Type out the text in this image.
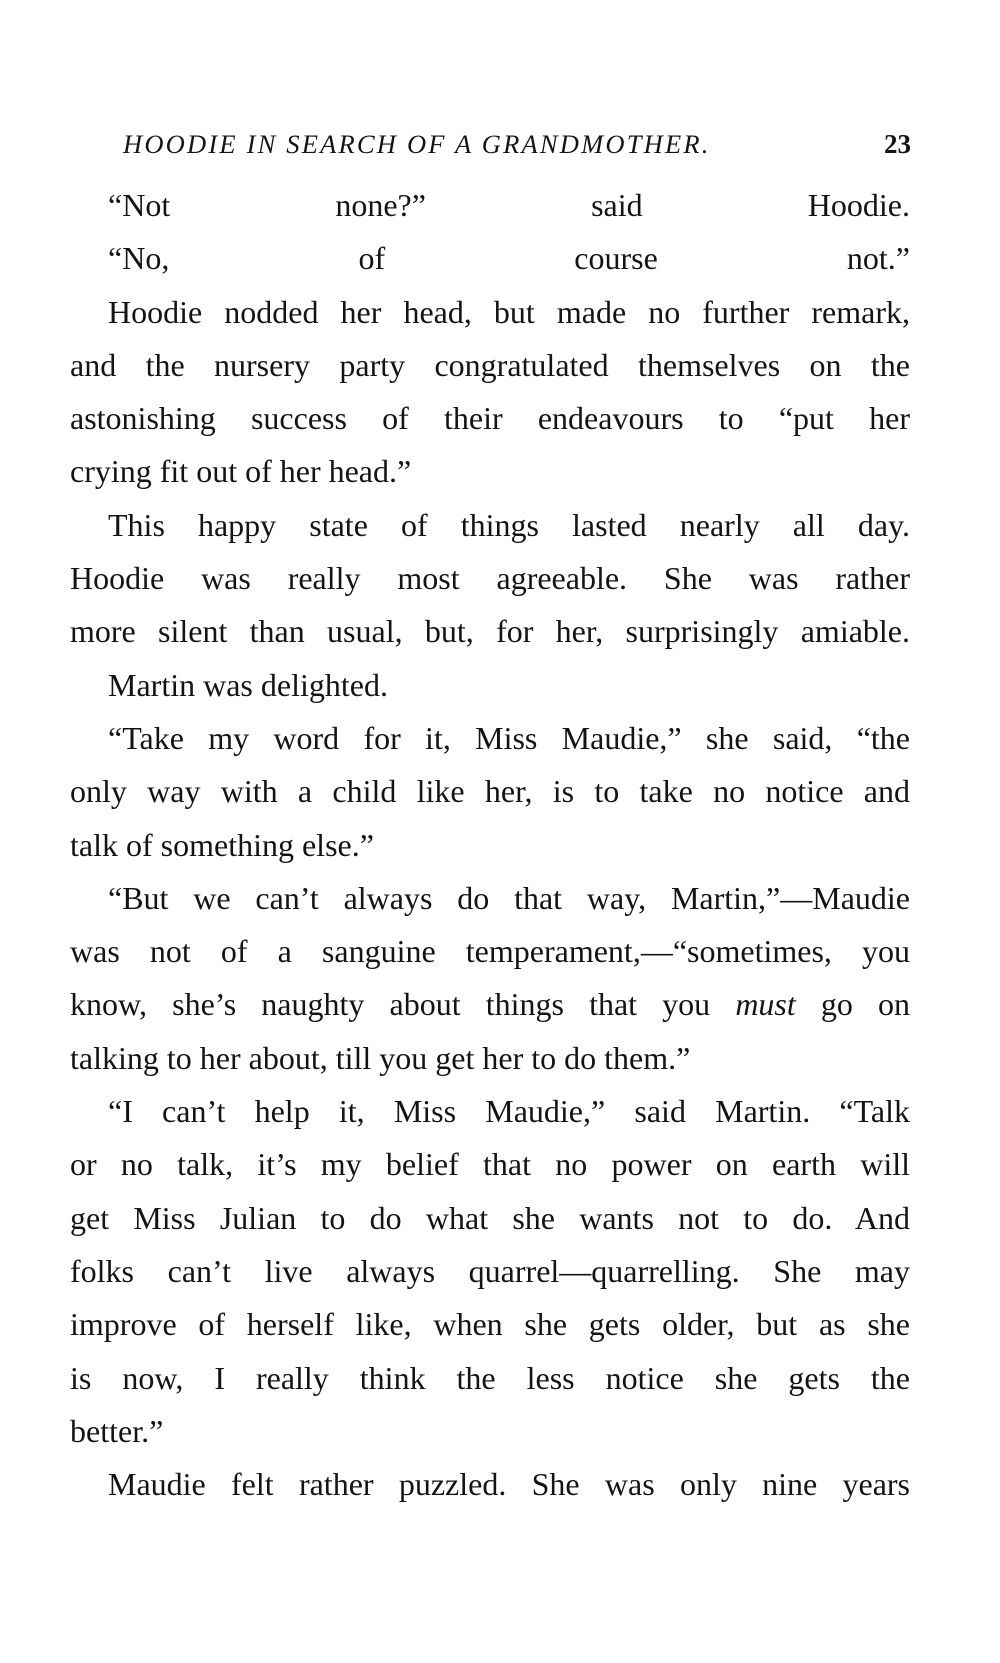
HOODIE IN SEARCH OF A GRANDMOTHER.	23
“Not none?” said Hoodie.
“No, of course not.”
Hoodie nodded her head, but made no further remark,
and the nursery party congratulated themselves on the
astonishing success of their endeavours to “put her
crying fit out of her head.”
This happy state of things lasted nearly all day.
Hoodie was really most agreeable. She was rather
more silent than usual, but, for her, surprisingly amiable.
Martin was delighted.
“Take my word for it, Miss Maudie,” she said, “the
only way with a child like her, is to take no notice and
talk of something else.”
“But we can’t always do that way, Martin,”—Maudie
was not of a sanguine temperament,—“sometimes, you
know, she’s naughty about things that you must go on
talking to her about, till you get her to do them.”
“I can’t help it, Miss Maudie,” said Martin. “Talk
or no talk, it’s my belief that no power on earth will
get Miss Julian to do what she wants not to do. And
folks can’t live always quarrel—quarrelling. She may
improve of herself like, when she gets older, but as she
is now, I really think the less notice she gets the
better.”
Maudie felt rather puzzled. She was only nine years
